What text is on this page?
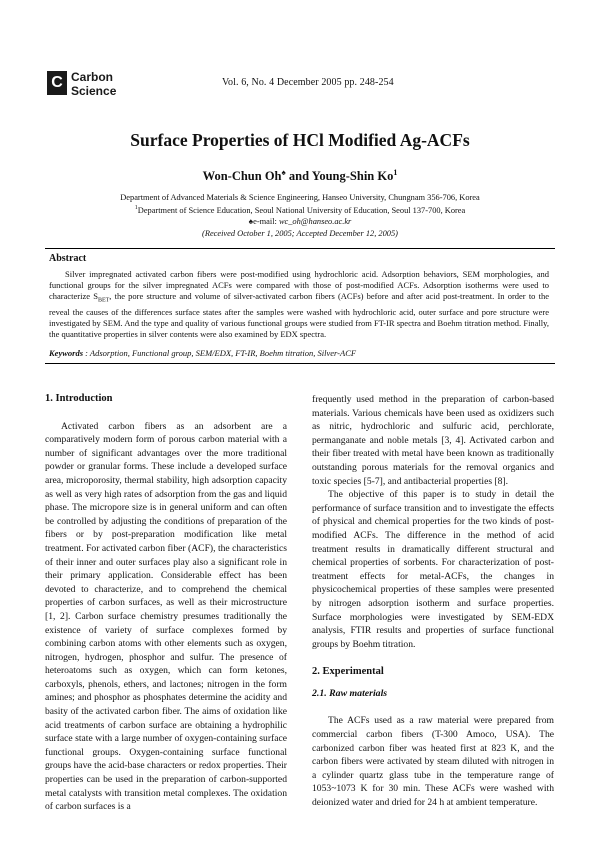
C Carbon
Science
Vol. 6, No. 4 December 2005 pp. 248-254
Surface Properties of HCl Modified Ag-ACFs
Won-Chun Oh♠ and Young-Shin Ko$^1$
Department of Advanced Materials & Science Engineering, Hanseo University, Chungnam 356-706, Korea
$^1$Department of Science Education, Seoul National University of Education, Seoul 137-700, Korea
♠e-mail: wc_oh@hanseo.ac.kr
(Received October 1, 2005; Accepted December 12, 2005)
Abstract
Silver impregnated activated carbon fibers were post-modified using hydrochloric acid. Adsorption behaviors, SEM morphologies, and functional groups for the silver impregnated ACFs were compared with those of post-modified ACFs. Adsorption isotherms were used to characterize $S_{BET}$, the pore structure and volume of silver-activated carbon fibers (ACFs) before and after acid post-treatment. In order to the reveal the causes of the differences surface states after the samples were washed with hydrochloric acid, outer surface and pore structure were investigated by SEM. And the type and quality of various functional groups were studied from FT-IR spectra and Boehm titration method. Finally, the quantitative properties in silver contents were also examined by EDX spectra.
Keywords : Adsorption, Functional group, SEM/EDX, FT-IR, Boehm titration, Silver-ACF
1. Introduction

Activated carbon fibers as an adsorbent are a comparatively modern form of porous carbon material with a number of significant advantages over the more traditional powder or granular forms. These include a developed surface area, microporosity, thermal stability, high adsorption capacity as well as very high rates of adsorption from the gas and liquid phase. The micropore size is in general uniform and can often be controlled by adjusting the conditions of preparation of the fibers or by post-preparation modification like metal treatment. For activated carbon fiber (ACF), the characteristics of their inner and outer surfaces play also a significant role in their primary application. Considerable effect has been devoted to characterize, and to comprehend the chemical properties of carbon surfaces, as well as their microstructure [1, 2]. Carbon surface chemistry presumes traditionally the existence of variety of surface complexes formed by combining carbon atoms with other elements such as oxygen, nitrogen, hydrogen, phosphor and sulfur. The presence of heteroatoms such as oxygen, which can form ketones, carboxyls, phenols, ethers, and lactones; nitrogen in the form amines; and phosphor as phosphates determine the acidity and basity of the activated carbon fiber. The aims of oxidation like acid treatments of carbon surface are obtaining a hydrophilic surface state with a large number of oxygen-containing surface functional groups. Oxygen-containing surface functional groups have the acid-base characters or redox properties. Their properties can be used in the preparation of carbon-supported metal catalysts with transition metal complexes. The oxidation of carbon surfaces is a

frequently used method in the preparation of carbon-based materials. Various chemicals have been used as oxidizers such as nitric, hydrochloric and sulfuric acid, perchlorate, permanganate and noble metals [3, 4]. Activated carbon and their fiber treated with metal have been known as traditionally outstanding porous materials for the removal organics and toxic species [5-7], and antibacterial properties [8].

The objective of this paper is to study in detail the performance of surface transition and to investigate the effects of physical and chemical properties for the two kinds of post-modified ACFs. The difference in the method of acid treatment results in dramatically different structural and chemical properties of sorbents. For characterization of post-treatment effects for metal-ACFs, the changes in physicochemical properties of these samples were presented by nitrogen adsorption isotherm and surface properties. Surface morphologies were investigated by SEM-EDX analysis, FTIR results and properties of surface functional groups by Boehm titration.

2. Experimental
2.1. Raw materials

The ACFs used as a raw material were prepared from commercial carbon fibers (T-300 Amoco, USA). The carbonized carbon fiber was heated first at 823 K, and the carbon fibers were activated by steam diluted with nitrogen in a cylinder quartz glass tube in the temperature range of 1053~1073 K for 30 min. These ACFs were washed with deionized water and dried for 24 h at ambient temperature.
